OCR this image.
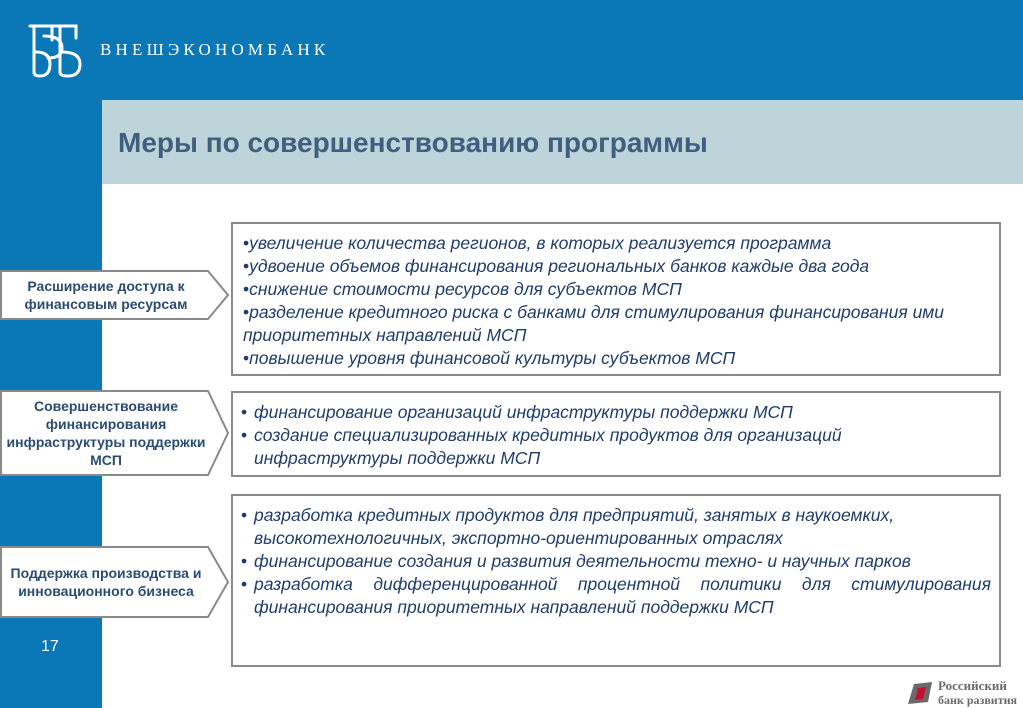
ВНЕШЭКОНОМБАНК
Меры по совершенствованию программы
Расширение доступа к финансовым ресурсам
Совершенствование финансирования инфраструктуры поддержки МСП
Поддержка производства и инновационного бизнеса
•увеличение количества регионов, в которых реализуется программа
•удвоение объемов финансирования региональных банков каждые два года
•снижение стоимости ресурсов для субъектов МСП
•разделение кредитного риска с банками для стимулирования финансирования ими приоритетных направлений МСП
•повышение уровня финансовой культуры субъектов МСП
• финансирование организаций инфраструктуры поддержки МСП
• создание специализированных кредитных продуктов для организаций инфраструктуры поддержки МСП
• разработка кредитных продуктов для предприятий, занятых в наукоемких, высокотехнологичных, экспортно-ориентированных отраслях
• финансирование создания и развития деятельности техно- и научных парков
• разработка дифференцированной процентной политики для стимулирования финансирования приоритетных направлений поддержки МСП
17
Российский
банк развития
